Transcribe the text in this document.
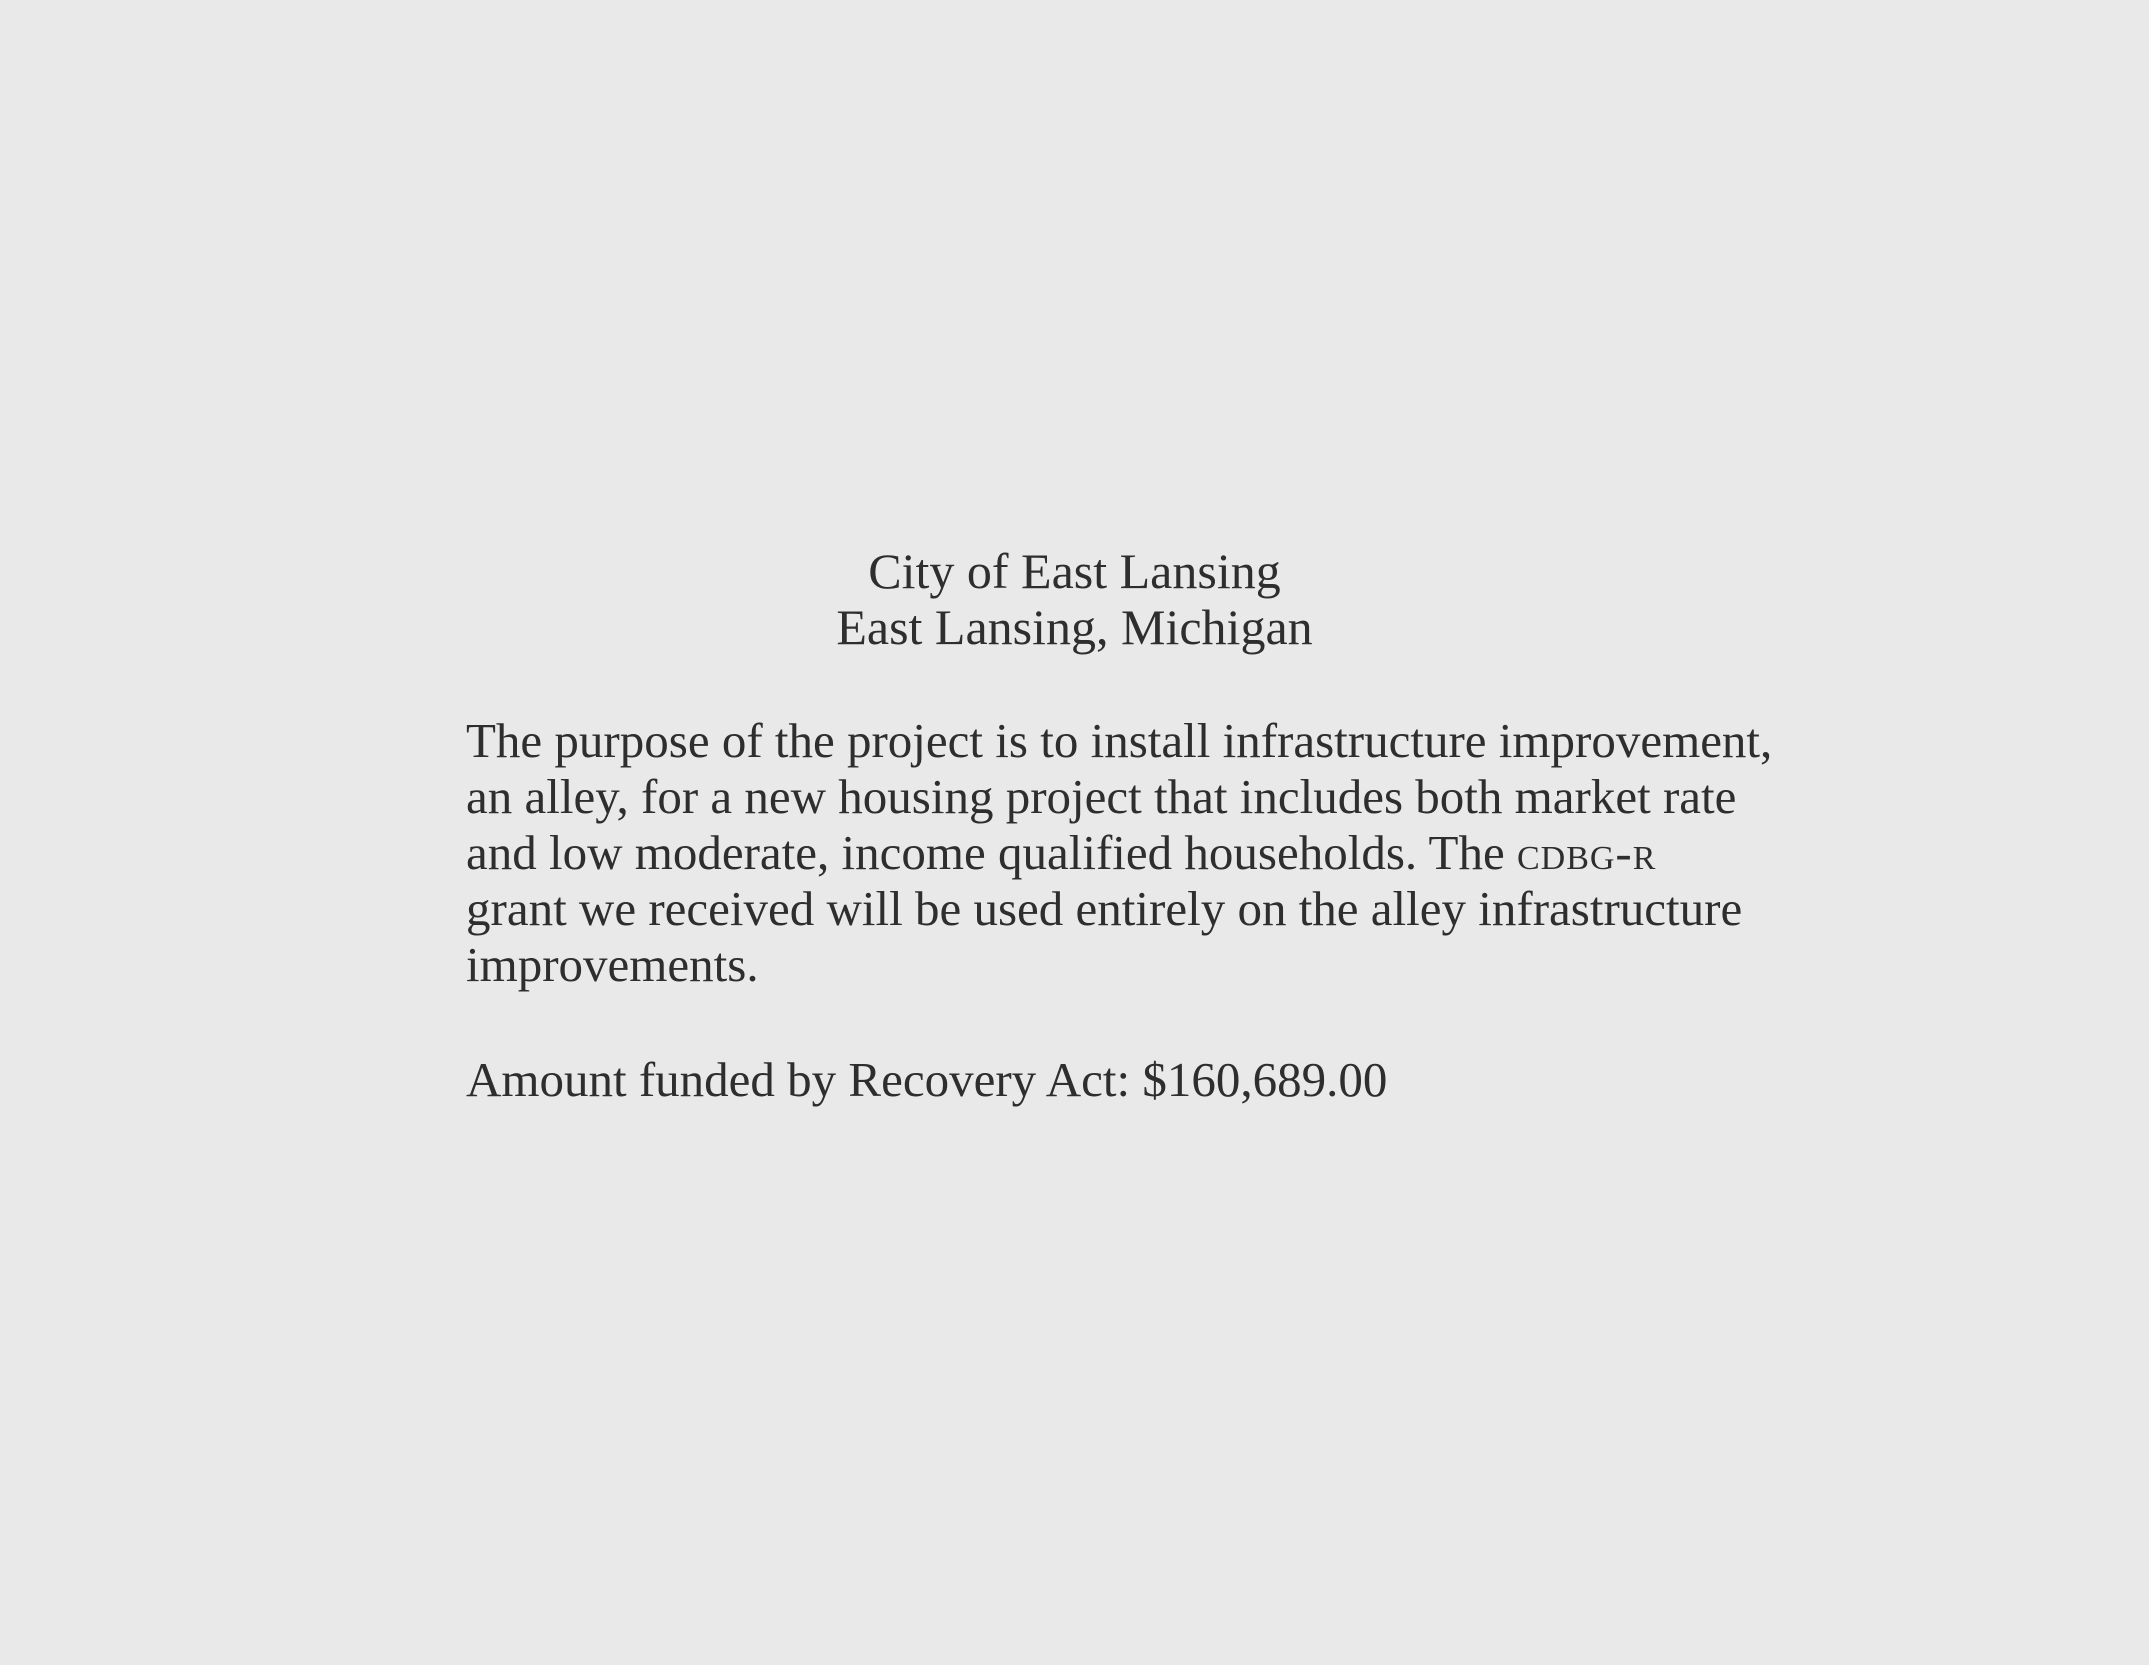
City of East Lansing
East Lansing, Michigan
The purpose of the project is to install infrastructure improvement,
an alley, for a new housing project that includes both market rate
and low moderate, income qualified households. The cdbg-r
grant we received will be used entirely on the alley infrastructure
improvements.
Amount funded by Recovery Act: $160,689.00
